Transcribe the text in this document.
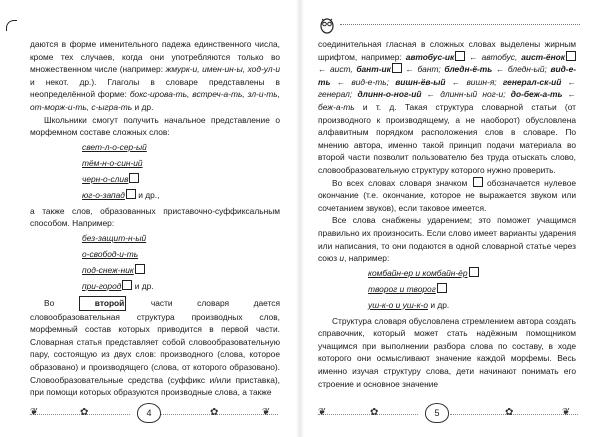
даются в форме именительного падежа единственного числа, кроме тех случаев, когда они употребляются только во множественном числе (например: жмурк-и, имен-ин-ы, ход-ул-и и некот. др.). Глаголы в словаре представлены в неопределённой форме: бокс-ирова-ть, встреч-а-ть, зл-и-ть, от-морж-и-ть, с-ыгра-ть и др.

Школьники смогут получить начальное представление о морфемном составе сложных слов:

свет-л-о-сер-ый
тём-н-о-син-ий
черн-о-слив
юг-о-запад и др.,

а также слов, образованных приставочно-суффиксальным способом. Например:

без-защит-н-ый
о-свобод-и-ть
под-снеж-ник
при-город и др.

Во	второй	части словаря дается словообразовательная структура производных слов, морфемный состав которых приводится в первой части. Словарная статья представляет собой словообразовательную пару, состоящую из двух слов: производного (слова, которое образовано) и производящего (слова, от которого образовано). Словообразовательные средства (суффикс и/или приставка), при помощи которых образуются производные слова, а также

❦	✿	✿	❦
4

соединительная гласная в сложных словах выделены жирным шрифтом, например: автобус-ик ← автобус, аист-ёнок ← аист, бант-ик ← бант; бледн-ё-ть ← бледн-ый; вид-е-ть ← вид-е-ть; вишн-ёв-ый ← вишн-я; генерал-ск-ий ← генерал; длинн-о-ног-ий ← длинн-ый ног-и; до-беж-а-ть ← беж-а-ть и т. д. Такая структура словарной статьи (от производного к производящему, а не наоборот) обусловлена алфавитным порядком расположения слов в словаре. По мнению автора, именно такой принцип подачи материала во второй части позволит пользователю без труда отыскать слово, словообразовательную структуру которого нужно проверить.

Во всех словах словаря значком обозначается нулевое окончание (т.е. окончание, которое не выражается звуком или сочетанием звуков), если таковое имеется.

Все слова снабжены ударением; это поможет учащимся правильно их произносить. Если слово имеет варианты ударения или написания, то они подаются в одной словарной статье через союз и, например:

комбайн-ер и комбайн-ёр
творог и творог
уш-к-о и уш-к-о и др.

Структура словаря обусловлена стремлением автора создать справочник, который может стать надёжным помощником учащимся при выполнении разбора слова по составу, в ходе которого они осмысливают значение каждой морфемы. Весь именно изучая структуру слова, дети начинают понимать его строение и основное значение

❦	✿	✿	❦
5
